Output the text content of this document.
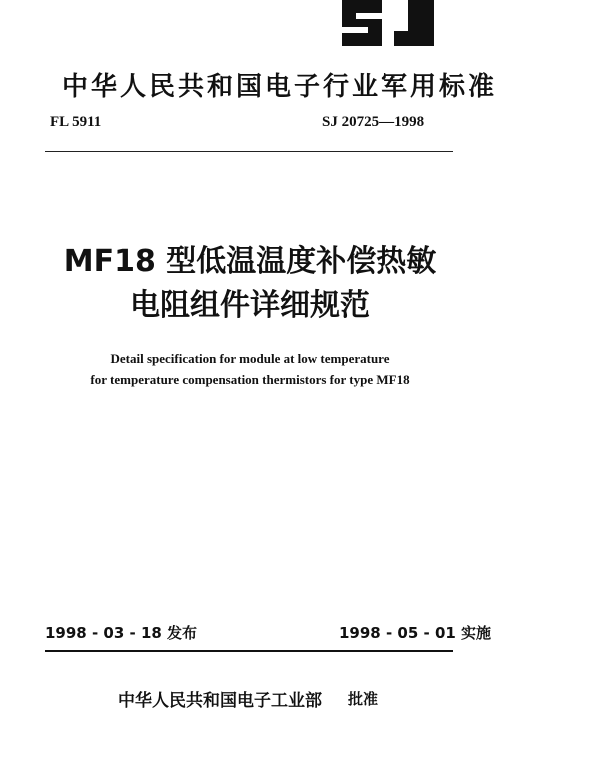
中华人民共和国电子行业军用标准
FL 5911	SJ 20725—1998
MF18 型低温温度补偿热敏
电阻组件详细规范
Detail specification for module at low temperature
for temperature compensation thermistors for type MF18
1998 - 03 - 18 发布	1998 - 05 - 01 实施
中华人民共和国电子工业部 批准
